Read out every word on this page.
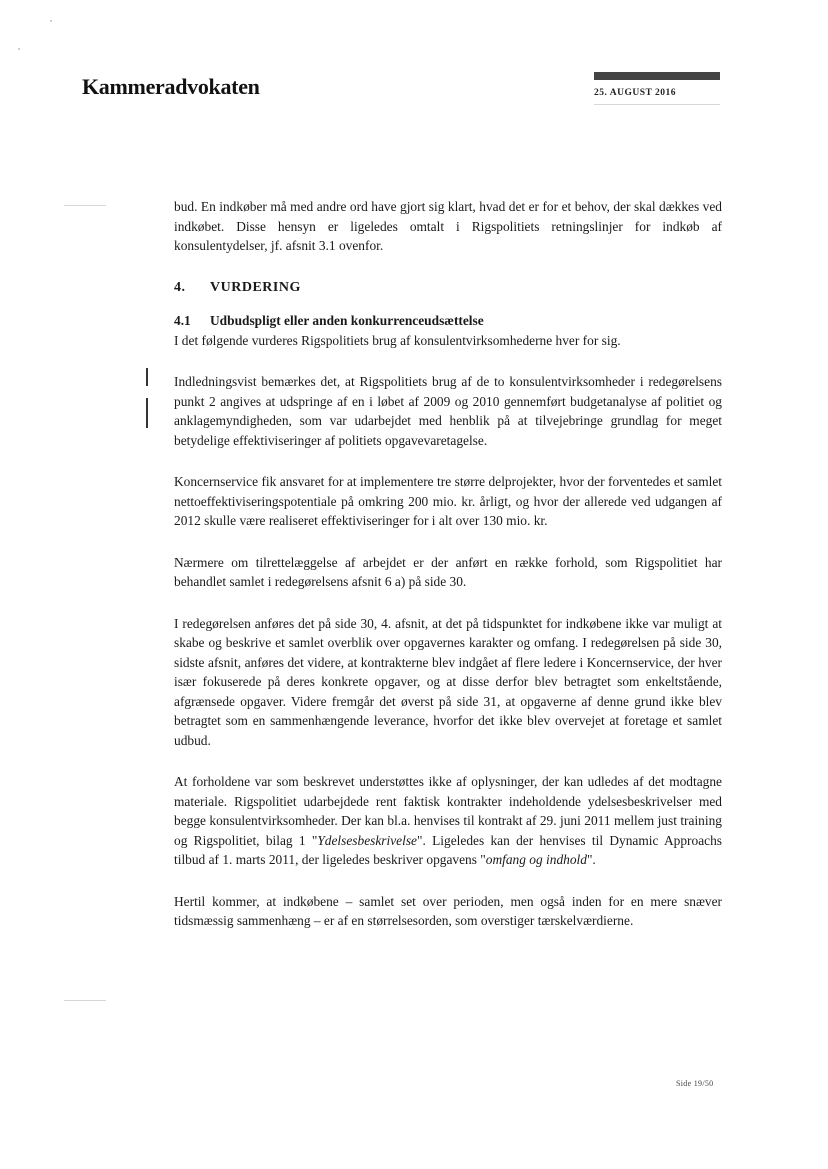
Kammeradvokaten	25. AUGUST 2016

bud. En indkøber må med andre ord have gjort sig klart, hvad det er for et behov, der skal dækkes ved indkøbet. Disse hensyn er ligeledes omtalt i Rigspolitiets retningslinjer for indkøb af konsulentydelser, jf. afsnit 3.1 ovenfor.

4.	VURDERING
4.1	Udbudspligt eller anden konkurrenceudsættelse

I det følgende vurderes Rigspolitiets brug af konsulentvirksomhederne hver for sig.

Indledningsvist bemærkes det, at Rigspolitiets brug af de to konsulentvirksomheder i redegørelsens punkt 2 angives at udspringe af en i løbet af 2009 og 2010 gennemført budgetanalyse af politiet og anklagemyndigheden, som var udarbejdet med henblik på at tilvejebringe grundlag for meget betydelige effektiviseringer af politiets opgavevaretagelse.

Koncernservice fik ansvaret for at implementere tre større delprojekter, hvor der forventedes et samlet nettoeffektiviseringspotentiale på omkring 200 mio. kr. årligt, og hvor der allerede ved udgangen af 2012 skulle være realiseret effektiviseringer for i alt over 130 mio. kr.

Nærmere om tilrettelæggelse af arbejdet er der anført en række forhold, som Rigspolitiet har behandlet samlet i redegørelsens afsnit 6 a) på side 30.

I redegørelsen anføres det på side 30, 4. afsnit, at det på tidspunktet for indkøbene ikke var muligt at skabe og beskrive et samlet overblik over opgavernes karakter og omfang. I redegørelsen på side 30, sidste afsnit, anføres det videre, at kontrakterne blev indgået af flere ledere i Koncernservice, der hver især fokuserede på deres konkrete opgaver, og at disse derfor blev betragtet som enkeltstående, afgrænsede opgaver. Videre fremgår det øverst på side 31, at opgaverne af denne grund ikke blev betragtet som en sammenhængende leverance, hvorfor det ikke blev overvejet at foretage et samlet udbud.

At forholdene var som beskrevet understøttes ikke af oplysninger, der kan udledes af det modtagne materiale. Rigspolitiet udarbejdede rent faktisk kontrakter indeholdende ydelsesbeskrivelser med begge konsulentvirksomheder. Der kan bl.a. henvises til kontrakt af 29. juni 2011 mellem just training og Rigspolitiet, bilag 1 "Ydelsesbeskrivelse". Ligeledes kan der henvises til Dynamic Approachs tilbud af 1. marts 2011, der ligeledes beskriver opgavens "omfang og indhold".

Hertil kommer, at indkøbene – samlet set over perioden, men også inden for en mere snæver tidsmæssig sammenhæng – er af en størrelsesorden, som overstiger tærskelværdierne.

Side 19/50
